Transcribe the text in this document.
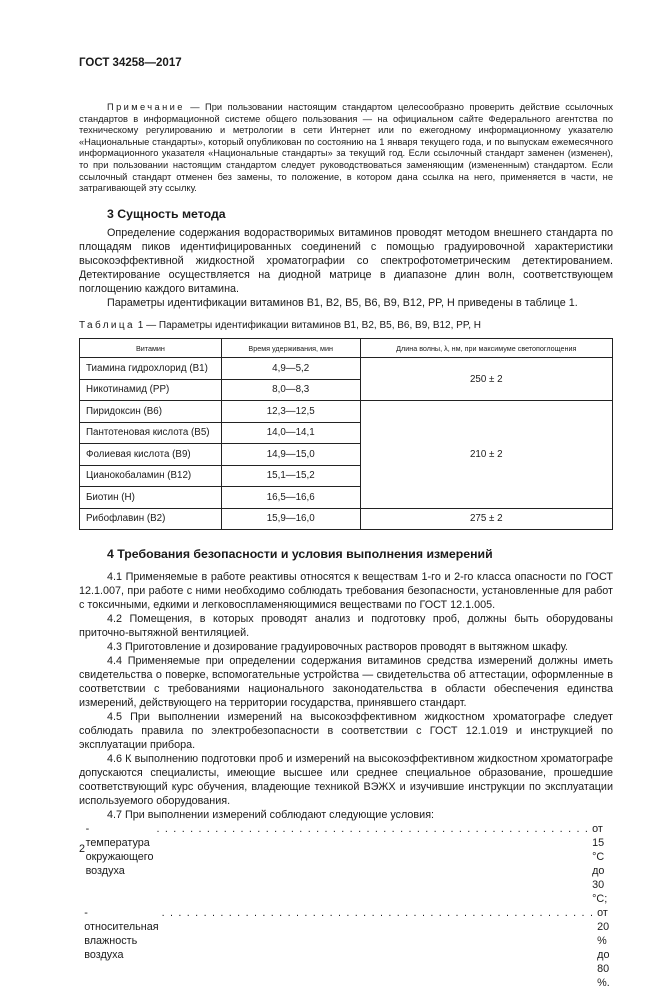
ГОСТ 34258—2017

Примечание — При пользовании настоящим стандартом целесообразно проверить действие ссылочных стандартов в информационной системе общего пользования — на официальном сайте Федерального агентства по техническому регулированию и метрологии в сети Интернет или по ежегодному информационному указателю «Национальные стандарты», который опубликован по состоянию на 1 января текущего года, и по выпускам ежемесячного информационного указателя «Национальные стандарты» за текущий год. Если ссылочный стандарт заменен (изменен), то при пользовании настоящим стандартом следует руководствоваться заменяющим (измененным) стандартом. Если ссылочный стандарт отменен без замены, то положение, в котором дана ссылка на него, применяется в части, не затрагивающей эту ссылку.

3 Сущность метода

Определение содержания водорастворимых витаминов проводят методом внешнего стандарта по площадям пиков идентифицированных соединений с помощью градуировочной характеристики высокоэффективной жидкостной хроматографии со спектрофотометрическим детектированием. Детектирование осуществляется на диодной матрице в диапазоне длин волн, соответствующем поглощению каждого витамина.

Параметры идентификации витаминов B1, B2, B5, B6, B9, B12, PP, H приведены в таблице 1.

Таблица 1 — Параметры идентификации витаминов B1, B2, B5, B6, B9, B12, PP, H
Витамин	Время удерживания, мин	Длина волны, λ, нм, при максимуме светопоглощения
Тиамина гидрохлорид (B1)	4,9—5,2	250 ± 2
Никотинамид (PP)	8,0—8,3	
Пиридоксин (B6)	12,3—12,5	210 ± 2
Пантотеновая кислота (B5)	14,0—14,1	
Фолиевая кислота (B9)	14,9—15,0	
Цианокобаламин (B12)	15,1—15,2	
Биотин (H)	16,5—16,6	
Рибофлавин (B2)	15,9—16,0	275 ± 2
4 Требования безопасности и условия выполнения измерений

4.1 Применяемые в работе реактивы относятся к веществам 1-го и 2-го класса опасности по ГОСТ 12.1.007, при работе с ними необходимо соблюдать требования безопасности, установленные для работ с токсичными, едкими и легковоспламеняющимися веществами по ГОСТ 12.1.005.

4.2 Помещения, в которых проводят анализ и подготовку проб, должны быть оборудованы приточно-вытяжной вентиляцией.

4.3 Приготовление и дозирование градуировочных растворов проводят в вытяжном шкафу.

4.4 Применяемые при определении содержания витаминов средства измерений должны иметь свидетельства о поверке, вспомогательные устройства — свидетельства об аттестации, оформленные в соответствии с требованиями национального законодательства в области обеспечения единства измерений, действующего на территории государства, принявшего стандарт.

4.5 При выполнении измерений на высокоэффективном жидкостном хроматографе следует соблюдать правила по электробезопасности в соответствии с ГОСТ 12.1.019 и инструкцией по эксплуатации прибора.

4.6 К выполнению подготовки проб и измерений на высокоэффективном жидкостном хроматографе допускаются специалисты, имеющие высшее или среднее специальное образование, прошедшие соответствующий курс обучения, владеющие техникой ВЭЖХ и изучившие инструкции по эксплуатации используемого оборудования.

4.7 При выполнении измерений соблюдают следующие условия:

- температура окружающего воздуха
. . . . . . . . . . . . . . . . . . . . . . . . . . . . . . . . . . . . . . . . . . . . . . . . . . . . от 15 °C до 30 °C;
- относительная влажность воздуха
. . . . . . . . . . . . . . . . . . . . . . . . . . . . . . . . . . . . . . . . . . . . . . . . . . . . от 20 % до 80 %.
2
